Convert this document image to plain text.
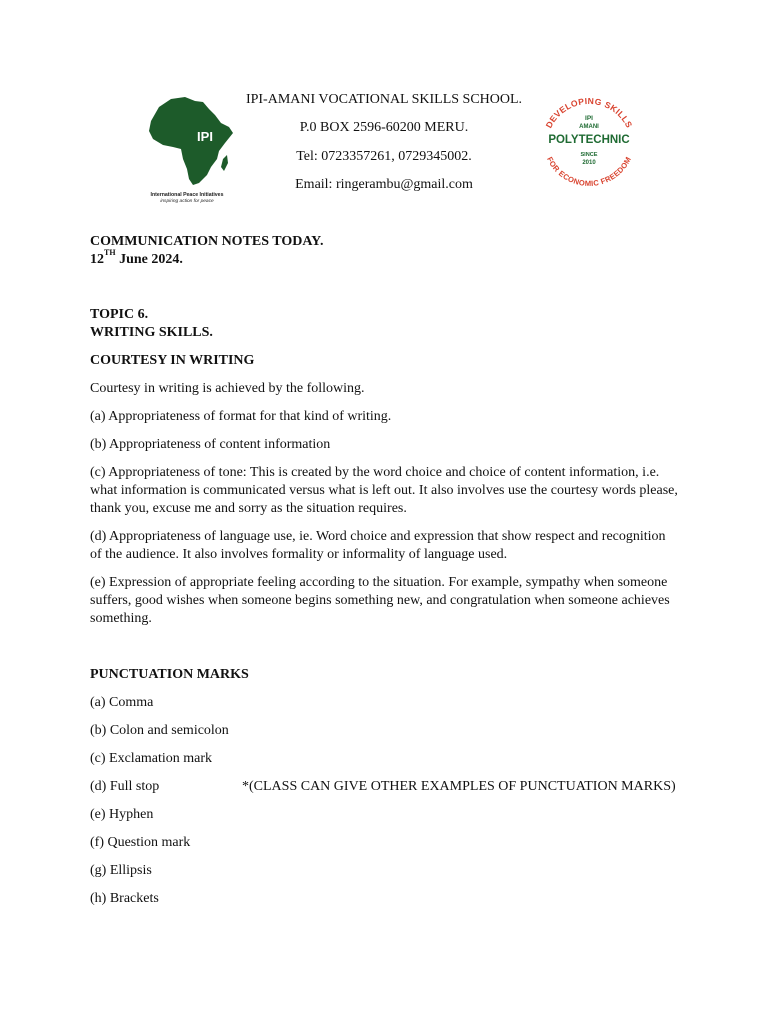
IPI
International Peace Initiatives
inspiring action for peace
IPI-AMANI VOCATIONAL SKILLS SCHOOL.
P.0 BOX 2596-60200 MERU.
Tel: 0723357261, 0729345002.
Email: ringerambu@gmail.com
DEVELOPING SKILLS
FOR ECONOMIC FREEDOM
IPI
AMANI
POLYTECHNIC
SINCE
2010

COMMUNICATION NOTES TODAY.

12TH June 2024.

TOPIC 6.

WRITING SKILLS.

COURTESY IN WRITING

Courtesy in writing is achieved by the following.

(a) Appropriateness of format for that kind of writing.

(b) Appropriateness of content information

(c) Appropriateness of tone: This is created by the word choice and choice of content information, i.e. what information is communicated versus what is left out. It also involves use the courtesy words please, thank you, excuse me and sorry as the situation requires.

(d) Appropriateness of language use, ie. Word choice and expression that show respect and recognition of the audience. It also involves formality or informality of language used.

(e) Expression of appropriate feeling according to the situation. For example, sympathy when someone suffers, good wishes when someone begins something new, and congratulation when someone achieves something.

PUNCTUATION MARKS

(a) Comma
(b) Colon and semicolon
(c) Exclamation mark
(d) Full stop	*(CLASS CAN GIVE OTHER EXAMPLES OF PUNCTUATION MARKS)
(e) Hyphen
(f) Question mark
(g) Ellipsis
(h) Brackets
